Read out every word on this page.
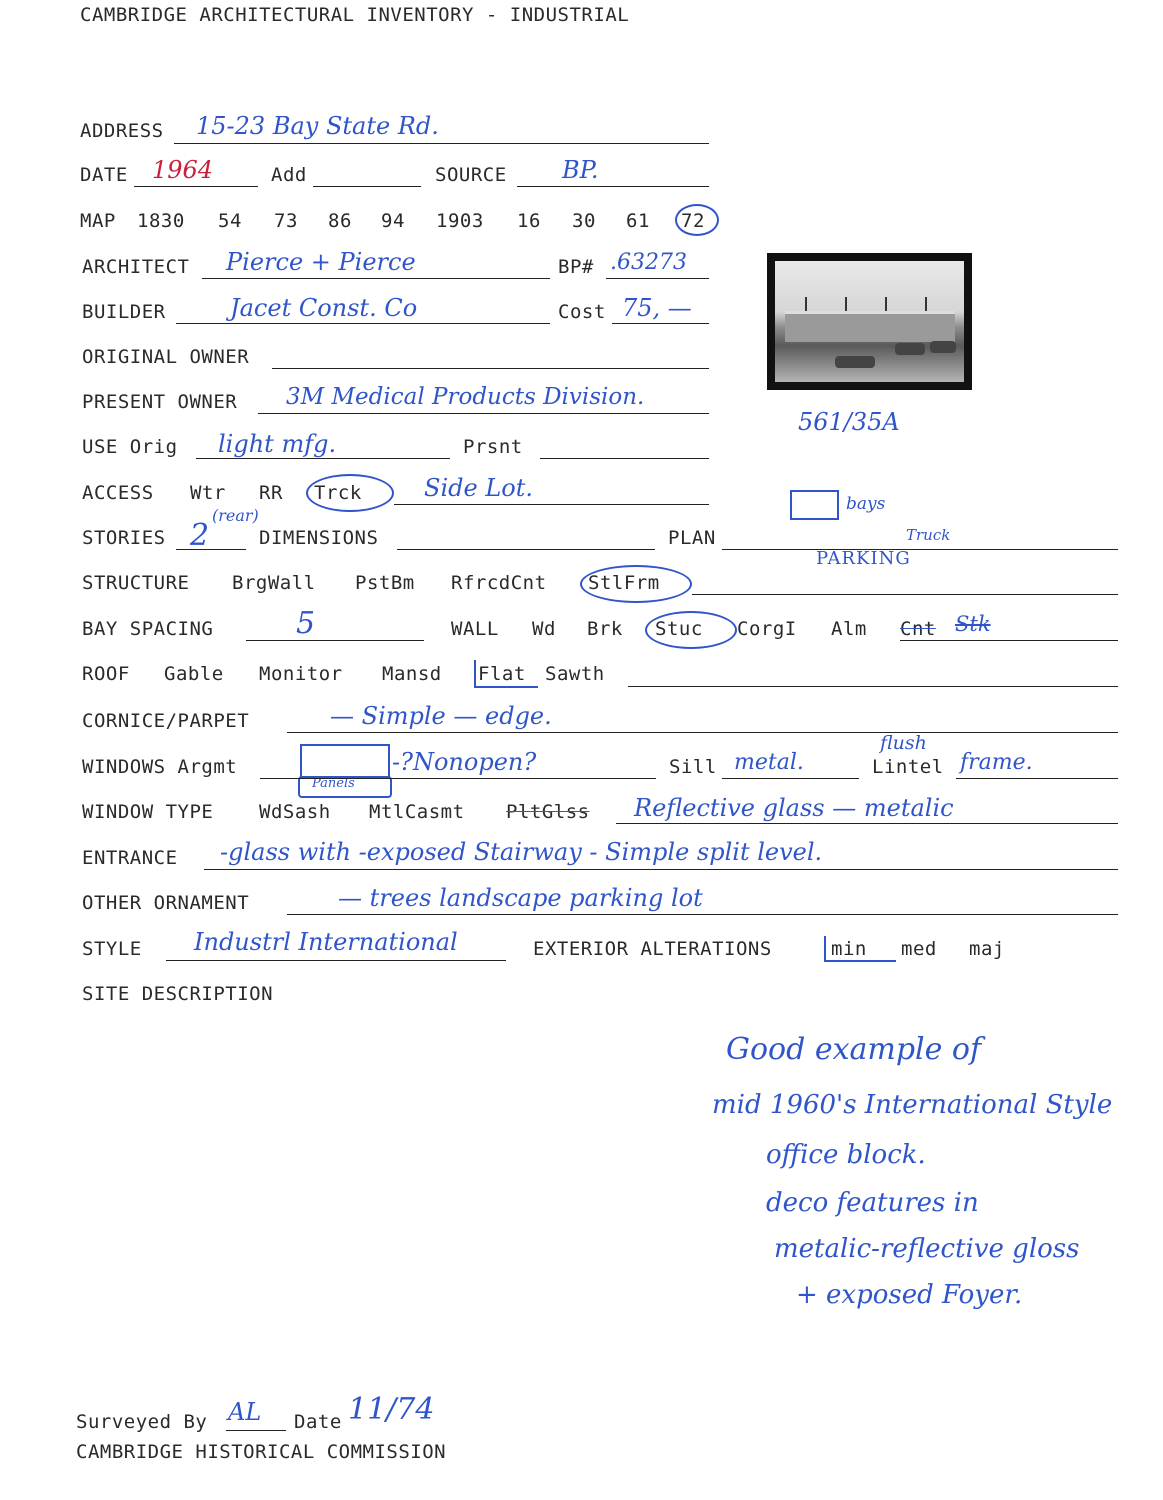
CAMBRIDGE ARCHITECTURAL INVENTORY - INDUSTRIAL
ADDRESS 15-23 Bay State Rd.
DATE 1964	Add	SOURCE BP.
MAP 1830 54 73 86 94 1903 16 30 61 72
ARCHITECT Pierce + Pierce	BP# .63273
BUILDER	Jacet Const. Co	Cost 75, —
ORIGINAL OWNER
PRESENT OWNER 3M Medical Products Division.
561/35A
USE Orig light mfg.	Prsnt
ACCESS Wtr RR Trck	Side Lot.
bays
Truck
PARKING
STORIES 2
(rear)
DIMENSIONS	PLAN
STRUCTURE BrgWall PstBm RfrcdCnt StlFrm
BAY SPACING	5	WALL Wd Brk Stuc CorgI Alm Cnt Stk
ROOF Gable Monitor Mansd Flat Sawth
CORNICE/PARPET	— Simple — edge.
WINDOWS Argmt
Panels
-?Nonopen?	Sill metal.
flush
Lintel frame.
WINDOW TYPE WdSash MtlCasmt PltGlss Reflective glass — metalic
ENTRANCE -glass with -exposed Stairway - Simple split level.
OTHER ORNAMENT	— trees landscape parking lot
STYLE Industrl International	EXTERIOR ALTERATIONS	min med maj
SITE DESCRIPTION
Good example of
mid 1960's International Style
office block.
deco features in
metalic-reflective gloss
+ exposed Foyer.
Surveyed By AL Date 11/74
CAMBRIDGE HISTORICAL COMMISSION
